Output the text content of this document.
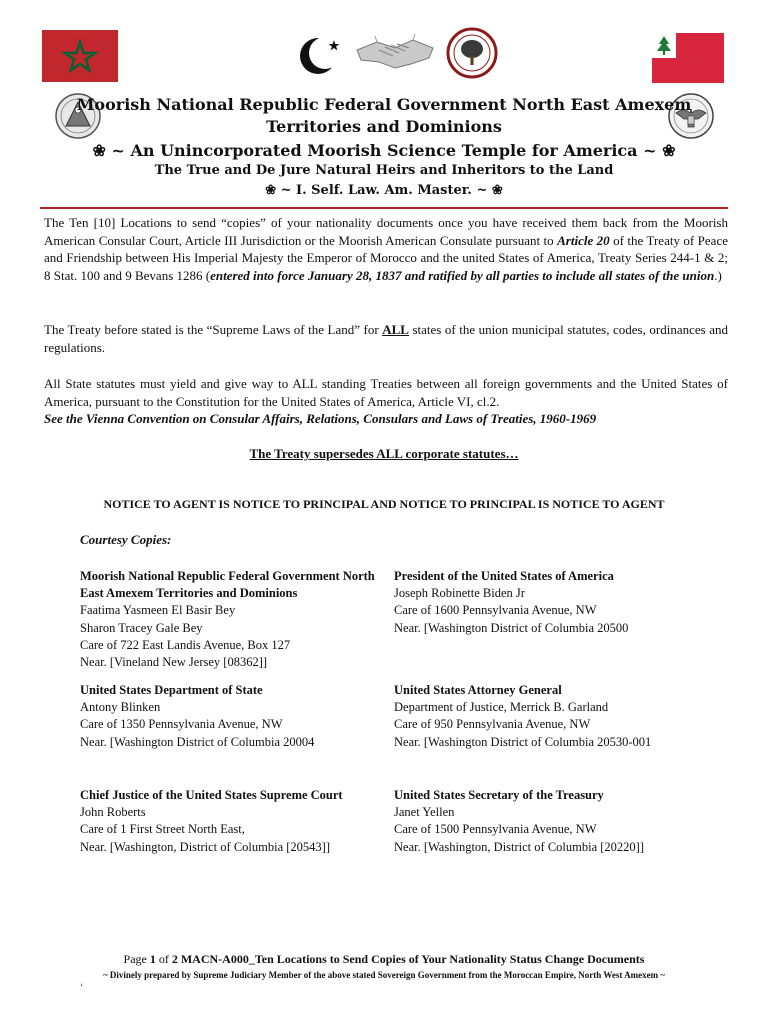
Moorish National Republic Federal Government North East Amexem
Territories and Dominions
❀ ~ An Unincorporated Moorish Science Temple for America ~ ❀
The True and De Jure Natural Heirs and Inheritors to the Land
❀ ~ I. Self. Law. Am. Master. ~ ❀
The Ten [10] Locations to send “copies” of your nationality documents once you have received them back from the Moorish American Consular Court, Article III Jurisdiction or the Moorish American Consulate pursuant to Article 20 of the Treaty of Peace and Friendship between His Imperial Majesty the Emperor of Morocco and the united States of America, Treaty Series 244-1 & 2; 8 Stat. 100 and 9 Bevans 1286 (entered into force January 28, 1837 and ratified by all parties to include all states of the union.)
The Treaty before stated is the “Supreme Laws of the Land” for ALL states of the union municipal statutes, codes, ordinances and regulations.
All State statutes must yield and give way to ALL standing Treaties between all foreign governments and the United States of America, pursuant to the Constitution for the United States of America, Article VI, cl.2.
See the Vienna Convention on Consular Affairs, Relations, Consulars and Laws of Treaties, 1960-1969
The Treaty supersedes ALL corporate statutes…
NOTICE TO AGENT IS NOTICE TO PRINCIPAL AND NOTICE TO PRINCIPAL IS NOTICE TO AGENT
Courtesy Copies:
Moorish National Republic Federal Government North East Amexem Territories and Dominions
Faatima Yasmeen El Basir Bey
Sharon Tracey Gale Bey
Care of 722 East Landis Avenue, Box 127
Near. [Vineland New Jersey [08362]]
President of the United States of America
Joseph Robinette Biden Jr
Care of 1600 Pennsylvania Avenue, NW
Near. [Washington District of Columbia 20500
United States Department of State
Antony Blinken
Care of 1350 Pennsylvania Avenue, NW
Near. [Washington District of Columbia 20004
United States Attorney General
Department of Justice, Merrick B. Garland
Care of 950 Pennsylvania Avenue, NW
Near. [Washington District of Columbia 20530-001
Chief Justice of the United States Supreme Court
John Roberts
Care of 1 First Street North East,
Near. [Washington, District of Columbia [20543]]
United States Secretary of the Treasury
Janet Yellen
Care of 1500 Pennsylvania Avenue, NW
Near. [Washington, District of Columbia [20220]]
Page 1 of 2 MACN-A000_Ten Locations to Send Copies of Your Nationality Status Change Documents
~ Divinely prepared by Supreme Judiciary Member of the above stated Sovereign Government from the Moroccan Empire, North West Amexem ~
‘
